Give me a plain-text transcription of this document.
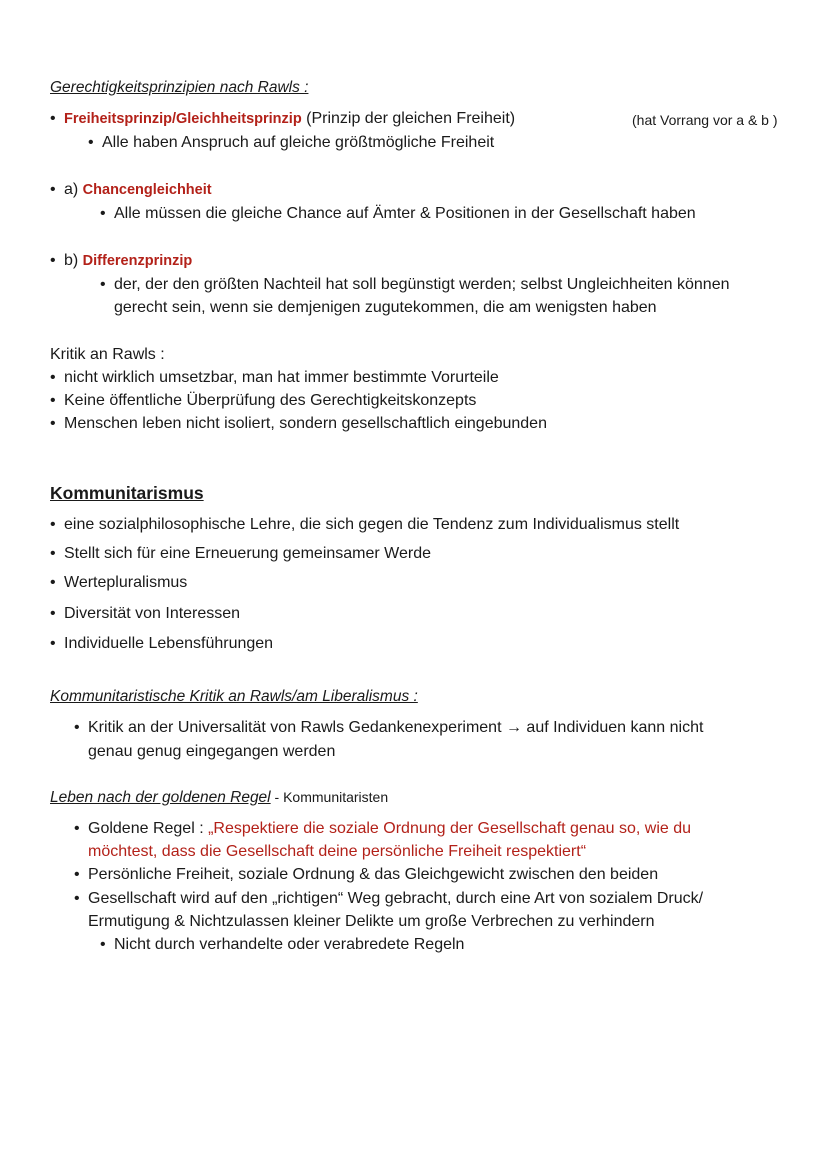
Gerechtigkeitsprinzipien nach Rawls :
• Freiheitsprinzip/Gleichheitsprinzip (Prinzip der gleichen Freiheit)	(hat Vorrang vor a & b )
• Alle haben Anspruch auf gleiche größtmögliche Freiheit
• a) Chancengleichheit
• Alle müssen die gleiche Chance auf Ämter & Positionen in der Gesellschaft haben
• b) Differenzprinzip
• der, der den größten Nachteil hat soll begünstigt werden; selbst Ungleichheiten können
gerecht sein, wenn sie demjenigen zugutekommen, die am wenigsten haben
Kritik an Rawls :
• nicht wirklich umsetzbar, man hat immer bestimmte Vorurteile
• Keine öffentliche Überprüfung des Gerechtigkeitskonzepts
• Menschen leben nicht isoliert, sondern gesellschaftlich eingebunden
Kommunitarismus
• eine sozialphilosophische Lehre, die sich gegen die Tendenz zum Individualismus stellt
• Stellt sich für eine Erneuerung gemeinsamer Werde
• Wertepluralismus
• Diversität von Interessen
• Individuelle Lebensführungen
Kommunitaristische Kritik an Rawls/am Liberalismus :
• Kritik an der Universalität von Rawls Gedankenexperiment → auf Individuen kann nicht
genau genug eingegangen werden
Leben nach der goldenen Regel - Kommunitaristen
• Goldene Regel : „Respektiere die soziale Ordnung der Gesellschaft genau so, wie du
möchtest, dass die Gesellschaft deine persönliche Freiheit respektiert“
• Persönliche Freiheit, soziale Ordnung & das Gleichgewicht zwischen den beiden
• Gesellschaft wird auf den „richtigen“ Weg gebracht, durch eine Art von sozialem Druck/
Ermutigung & Nichtzulassen kleiner Delikte um große Verbrechen zu verhindern
• Nicht durch verhandelte oder verabredete Regeln
